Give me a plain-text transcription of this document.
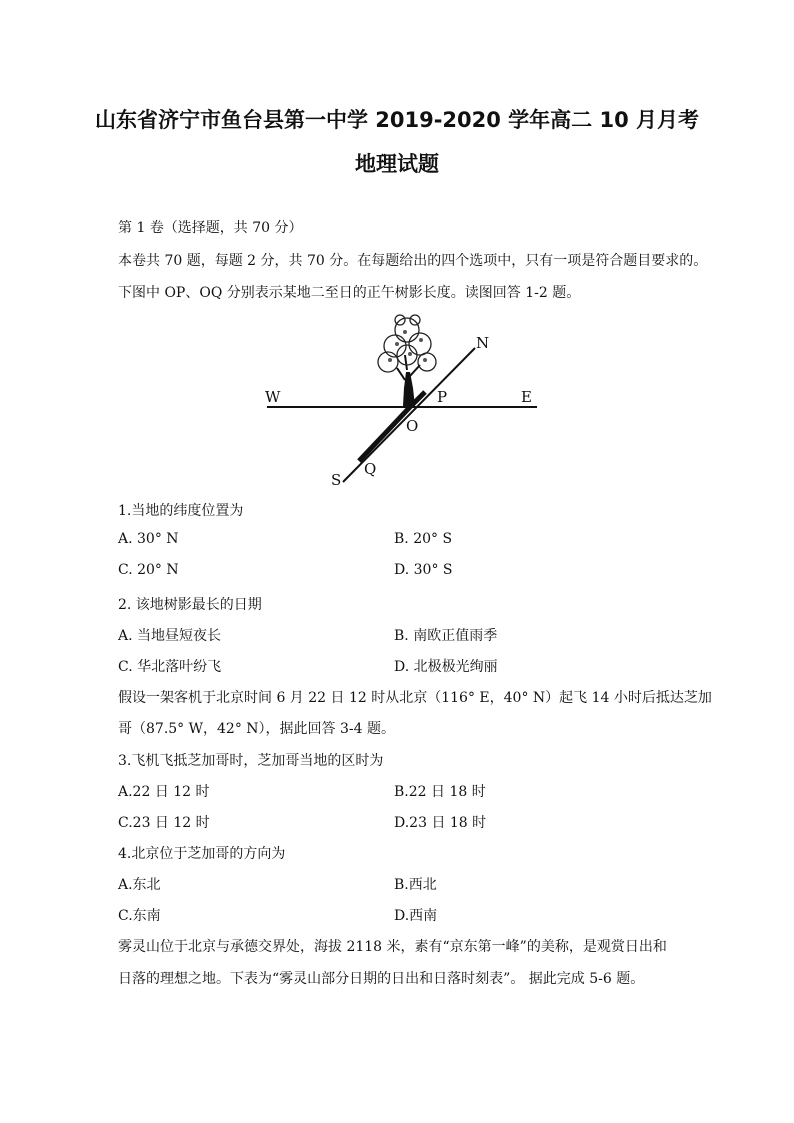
山东省济宁市鱼台县第一中学 2019-2020 学年高二 10 月月考
地理试题
第 1 卷（选择题，共 70 分）
本卷共 70 题，每题 2 分，共 70 分。在每题给出的四个选项中，只有一项是符合题目要求的。
下图中 OP、OQ 分别表示某地二至日的正午树影长度。读图回答 1-2 题。
W	E
N
S
O
P
Q
1.当地的纬度位置为
A. 30° N	B. 20° S
C. 20° N	D. 30° S
2. 该地树影最长的日期
A. 当地昼短夜长	B. 南欧正值雨季
C. 华北落叶纷飞	D. 北极极光绚丽
假设一架客机于北京时间 6 月 22 日 12 时从北京（116° E，40° N）起飞 14 小时后抵达芝加
哥（87.5° W，42° N），据此回答 3-4 题。
3.飞机飞抵芝加哥时，芝加哥当地的区时为
A.22 日 12 时	B.22 日 18 时
C.23 日 12 时	D.23 日 18 时
4.北京位于芝加哥的方向为
A.东北	B.西北
C.东南	D.西南
雾灵山位于北京与承德交界处，海拔 2118 米，素有“京东第一峰”的美称，是观赏日出和
日落的理想之地。下表为“雾灵山部分日期的日出和日落时刻表”。 据此完成 5-6 题。
